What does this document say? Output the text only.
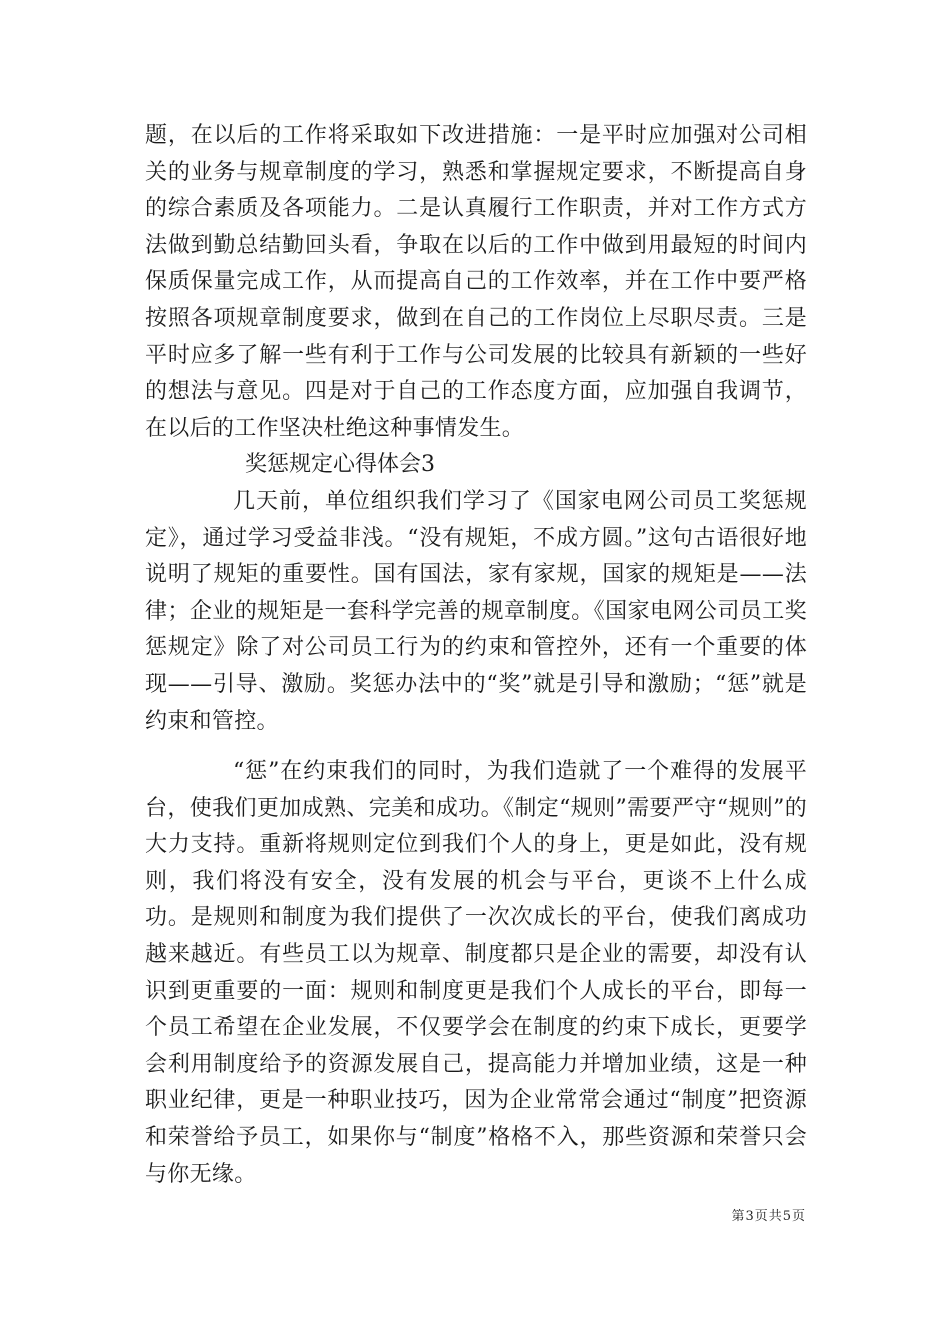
题，在以后的工作将采取如下改进措施：一是平时应加强对公司相关的业务与规章制度的学习，熟悉和掌握规定要求，不断提高自身的综合素质及各项能力。二是认真履行工作职责，并对工作方式方法做到勤总结勤回头看，争取在以后的工作中做到用最短的时间内保质保量完成工作，从而提高自己的工作效率，并在工作中要严格按照各项规章制度要求，做到在自己的工作岗位上尽职尽责。三是平时应多了解一些有利于工作与公司发展的比较具有新颖的一些好的想法与意见。四是对于自己的工作态度方面，应加强自我调节，在以后的工作坚决杜绝这种事情发生。

奖惩规定心得体会3

几天前，单位组织我们学习了《国家电网公司员工奖惩规定》，通过学习受益非浅。“没有规矩，不成方圆。”这句古语很好地说明了规矩的重要性。国有国法，家有家规，国家的规矩是——法律；企业的规矩是一套科学完善的规章制度。《国家电网公司员工奖惩规定》除了对公司员工行为的约束和管控外，还有一个重要的体现——引导、激励。奖惩办法中的“奖”就是引导和激励；“惩”就是约束和管控。

“惩”在约束我们的同时，为我们造就了一个难得的发展平台，使我们更加成熟、完美和成功。《制定“规则”需要严守“规则”的大力支持。重新将规则定位到我们个人的身上，更是如此，没有规则，我们将没有安全，没有发展的机会与平台，更谈不上什么成功。是规则和制度为我们提供了一次次成长的平台，使我们离成功越来越近。有些员工以为规章、制度都只是企业的需要，却没有认识到更重要的一面：规则和制度更是我们个人成长的平台，即每一个员工希望在企业发展，不仅要学会在制度的约束下成长，更要学会利用制度给予的资源发展自己，提高能力并增加业绩，这是一种职业纪律，更是一种职业技巧，因为企业常常会通过“制度”把资源和荣誉给予员工，如果你与“制度”格格不入，那些资源和荣誉只会与你无缘。

第3页共5页
